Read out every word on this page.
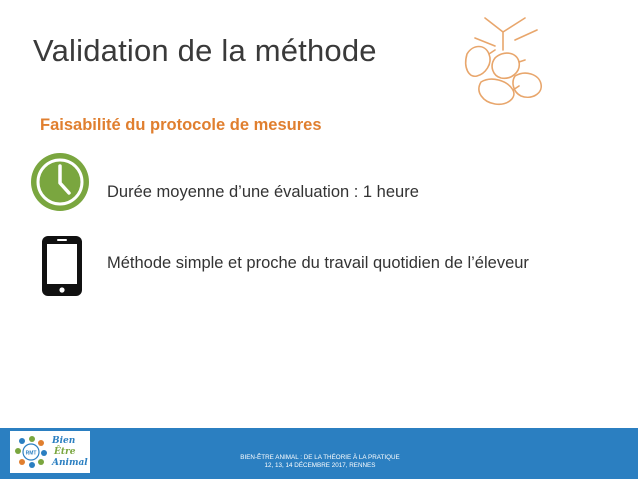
Validation de la méthode
Faisabilité du protocole de mesures
Durée moyenne d’une évaluation : 1 heure
Méthode simple et proche du travail quotidien de l’éleveur
RMT
Bien
Être
Animal
BIEN-ÊTRE ANIMAL : DE LA THÉORIE À LA PRATIQUE
12, 13, 14 DÉCEMBRE 2017, RENNES
